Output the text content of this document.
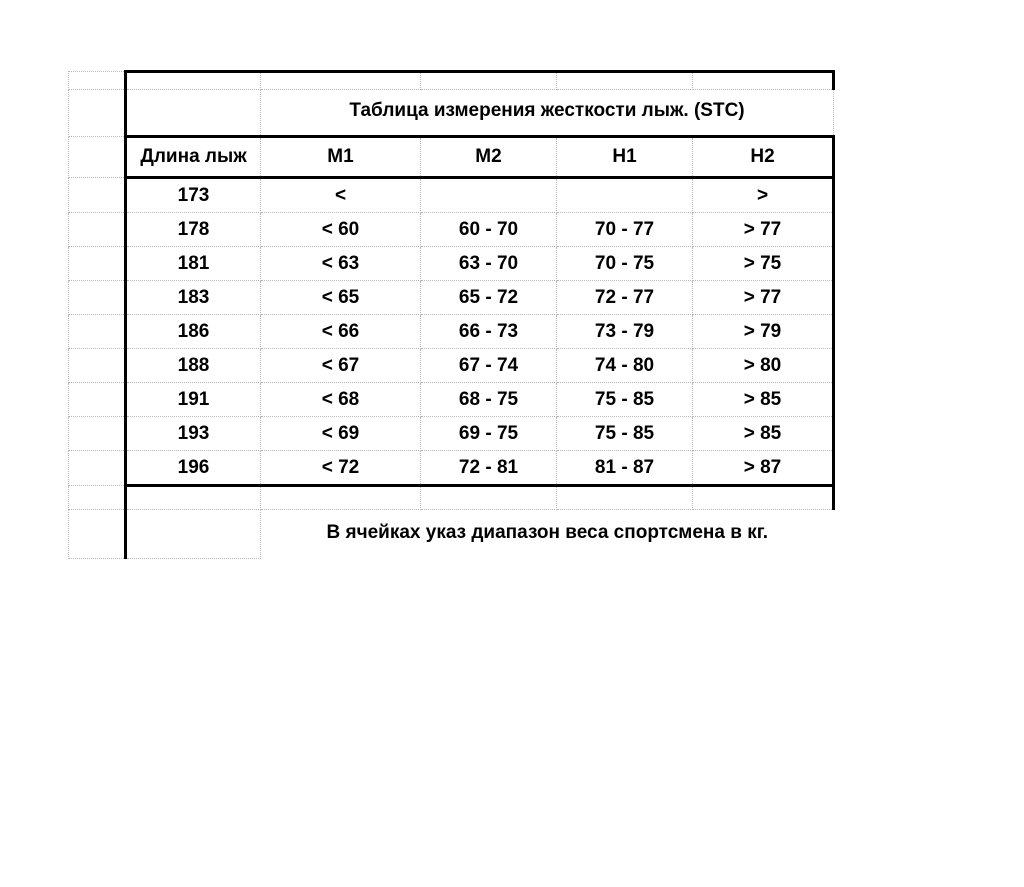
		Таблица измерения жесткости лыж. (STC)			
	Длина лыж	M1	M2	H1	H2
	173	<			>
	178	< 60	60 - 70	70 - 77	> 77
	181	< 63	63 - 70	70 - 75	> 75
	183	< 65	65 - 72	72 - 77	> 77
	186	< 66	66 - 73	73 - 79	> 79
	188	< 67	67 - 74	74 - 80	> 80
	191	< 68	68 - 75	75 - 85	> 85
	193	< 69	69 - 75	75 - 85	> 85
	196	< 72	72 - 81	81 - 87	> 87

		В ячейках указ диапазон веса спортсмена в кг.			
